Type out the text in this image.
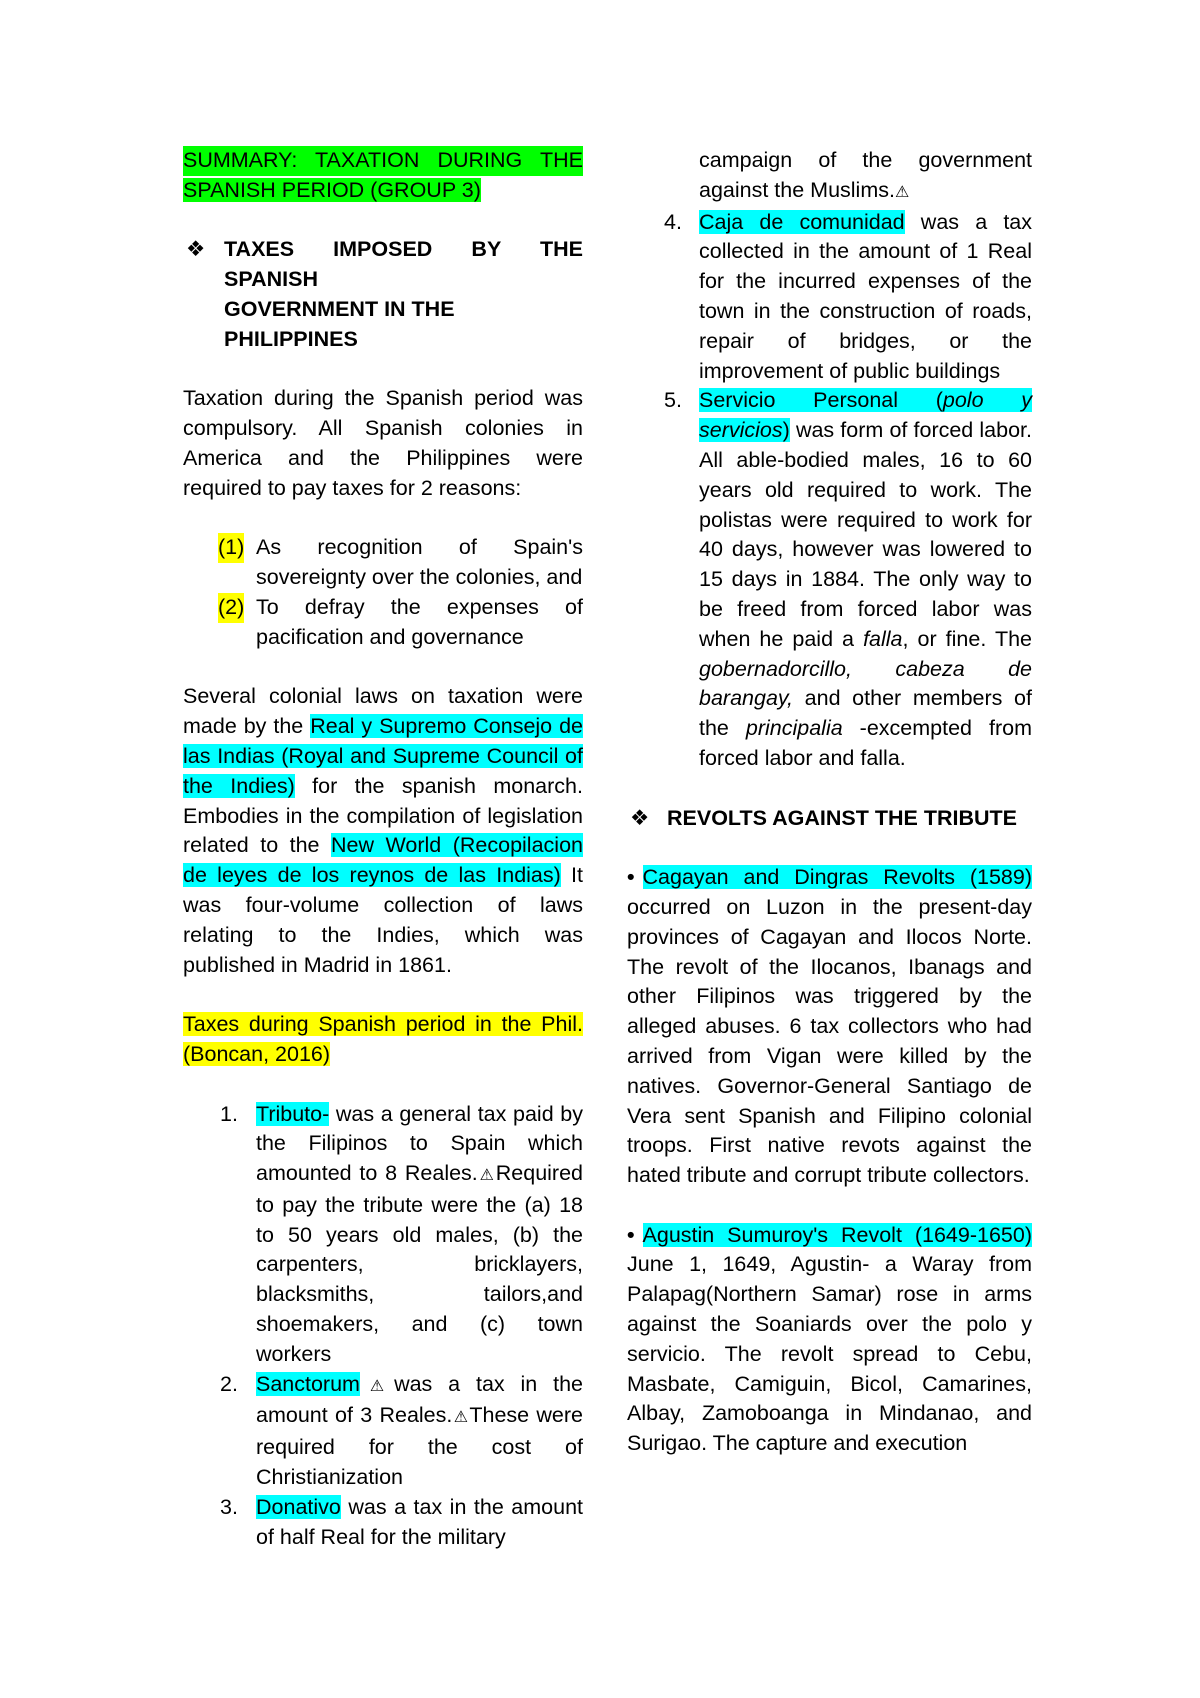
SUMMARY: TAXATION DURING THE
SPANISH PERIOD (GROUP 3)

❖ TAXES IMPOSED BY THE SPANISH
GOVERNMENT IN THE PHILIPPINES

Taxation during the Spanish period was compulsory. All Spanish colonies in America and the Philippines were required to pay taxes for 2 reasons:

(1) As recognition of Spain's sovereignty over the colonies, and

(2) To defray the expenses of pacification and governance

Several colonial laws on taxation were made by the Real y Supremo Consejo de las Indias (Royal and Supreme Council of the Indies) for the spanish monarch. Embodies in the compilation of legislation related to the New World (Recopilacion de leyes de los reynos de las Indias) It was four-volume collection of laws relating to the Indies, which was published in Madrid in 1861.

Taxes during Spanish period in the Phil. (Boncan, 2016)

1. Tributo- was a general tax paid by the Filipinos to Spain which amounted to 8 Reales.⚠Required to pay the tribute were the (a) 18 to 50 years old males, (b) the carpenters, bricklayers, blacksmiths, tailors,and shoemakers, and (c) town workers

2. Sanctorum⚠was a tax in the amount of 3 Reales.⚠These were required for the cost of Christianization

3. Donativo was a tax in the amount of half Real for the military

campaign of the government against the Muslims.⚠

4. Caja de comunidad was a tax collected in the amount of 1 Real for the incurred expenses of the town in the construction of roads, repair of bridges, or the improvement of public buildings

5. Servicio Personal (polo y servicios) was form of forced labor. All able-bodied males, 16 to 60 years old required to work. The polistas were required to work for 40 days, however was lowered to 15 days in 1884. The only way to be freed from forced labor was when he paid a falla, or fine. The gobernadorcillo, cabeza de barangay, and other members of the principalia -excempted from forced labor and falla.

❖ REVOLTS AGAINST THE TRIBUTE

• Cagayan and Dingras Revolts (1589) occurred on Luzon in the present-day provinces of Cagayan and Ilocos Norte. The revolt of the Ilocanos, Ibanags and other Filipinos was triggered by the alleged abuses. 6 tax collectors who had arrived from Vigan were killed by the natives. Governor-General Santiago de Vera sent Spanish and Filipino colonial troops. First native revots against the hated tribute and corrupt tribute collectors.

• Agustin Sumuroy's Revolt (1649-1650) June 1, 1649, Agustin- a Waray from Palapag(Northern Samar) rose in arms against the Soaniards over the polo y servicio. The revolt spread to Cebu, Masbate, Camiguin, Bicol, Camarines, Albay, Zamoboanga in Mindanao, and Surigao. The capture and execution
